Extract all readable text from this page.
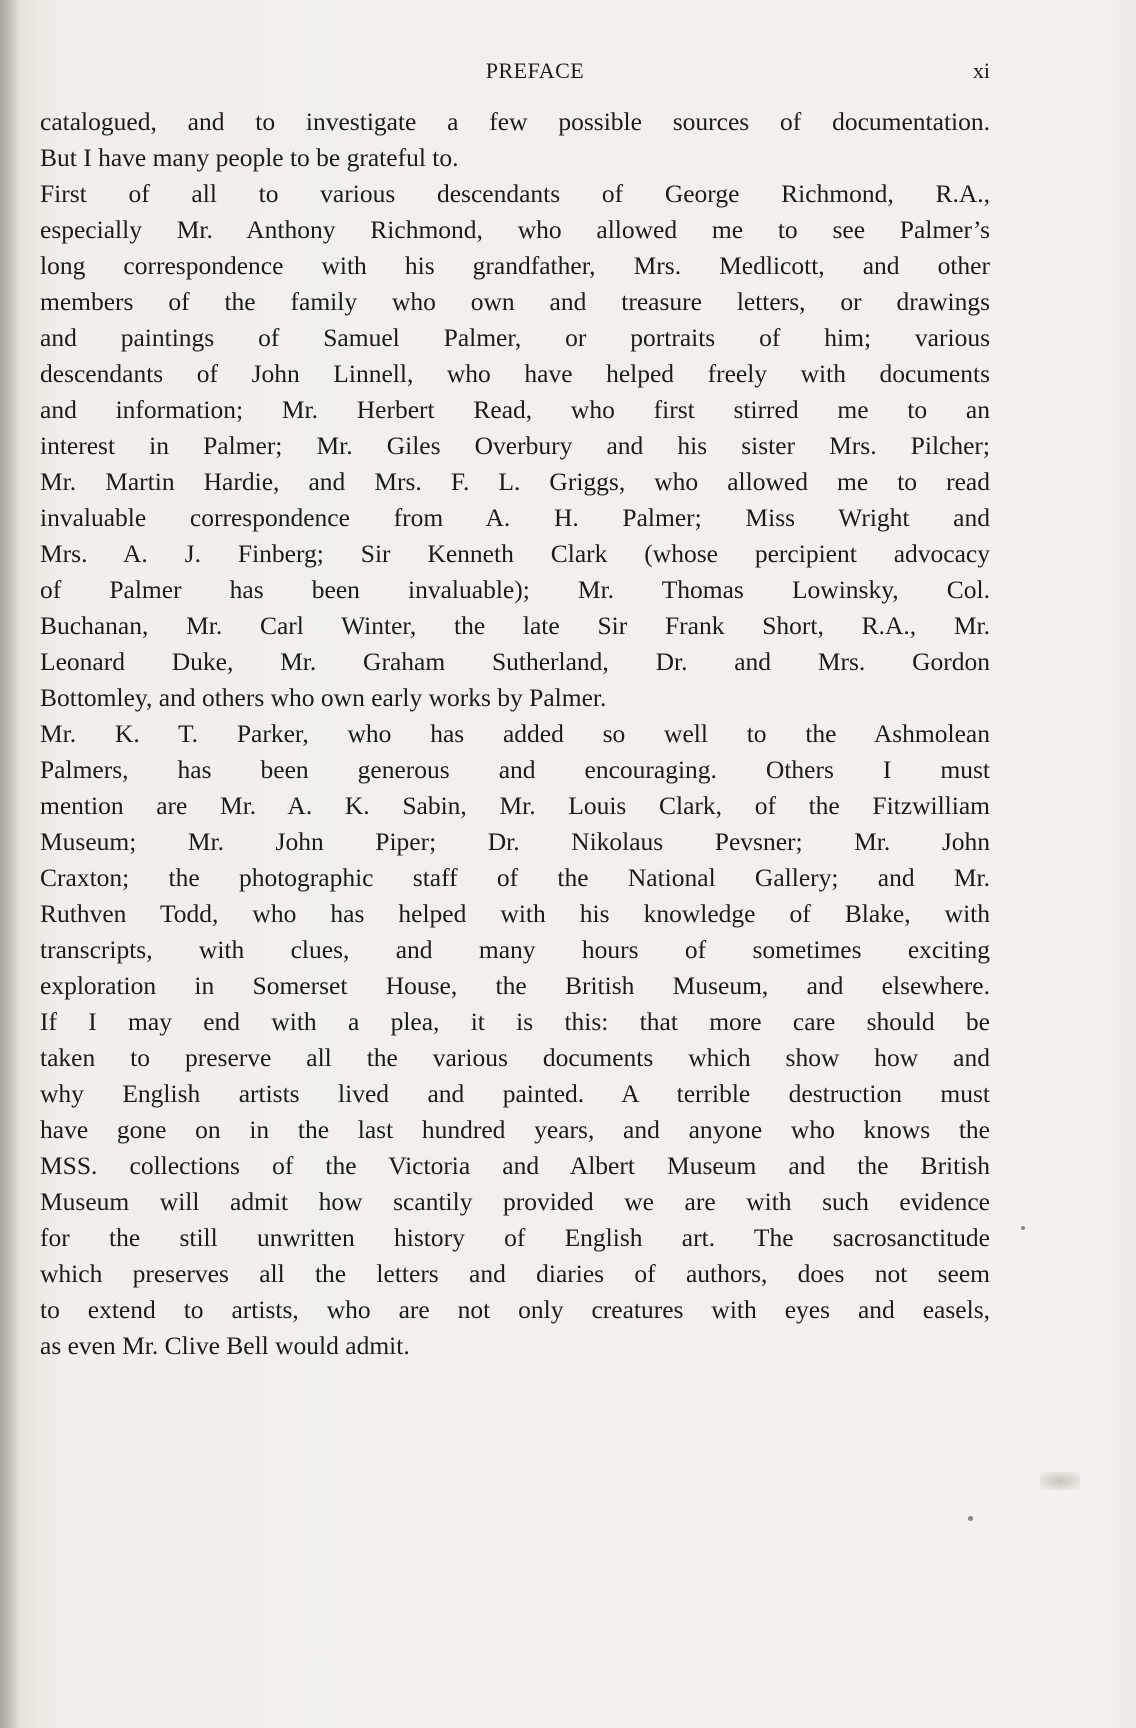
PREFACE	xi
catalogued, and to investigate a few possible sources of documentation.
But I have many people to be grateful to.
First of all to various descendants of George Richmond, R.A.,
especially Mr. Anthony Richmond, who allowed me to see Palmer’s
long correspondence with his grandfather, Mrs. Medlicott, and other
members of the family who own and treasure letters, or drawings
and paintings of Samuel Palmer, or portraits of him; various
descendants of John Linnell, who have helped freely with documents
and information; Mr. Herbert Read, who first stirred me to an
interest in Palmer; Mr. Giles Overbury and his sister Mrs. Pilcher;
Mr. Martin Hardie, and Mrs. F. L. Griggs, who allowed me to read
invaluable correspondence from A. H. Palmer; Miss Wright and
Mrs. A. J. Finberg; Sir Kenneth Clark (whose percipient advocacy
of Palmer has been invaluable); Mr. Thomas Lowinsky, Col.
Buchanan, Mr. Carl Winter, the late Sir Frank Short, R.A., Mr.
Leonard Duke, Mr. Graham Sutherland, Dr. and Mrs. Gordon
Bottomley, and others who own early works by Palmer.
Mr. K. T. Parker, who has added so well to the Ashmolean
Palmers, has been generous and encouraging. Others I must
mention are Mr. A. K. Sabin, Mr. Louis Clark, of the Fitzwilliam
Museum; Mr. John Piper; Dr. Nikolaus Pevsner; Mr. John
Craxton; the photographic staff of the National Gallery; and Mr.
Ruthven Todd, who has helped with his knowledge of Blake, with
transcripts, with clues, and many hours of sometimes exciting
exploration in Somerset House, the British Museum, and elsewhere.
If I may end with a plea, it is this: that more care should be
taken to preserve all the various documents which show how and
why English artists lived and painted. A terrible destruction must
have gone on in the last hundred years, and anyone who knows the
MSS. collections of the Victoria and Albert Museum and the British
Museum will admit how scantily provided we are with such evidence
for the still unwritten history of English art. The sacrosanctitude
which preserves all the letters and diaries of authors, does not seem
to extend to artists, who are not only creatures with eyes and easels,
as even Mr. Clive Bell would admit.
